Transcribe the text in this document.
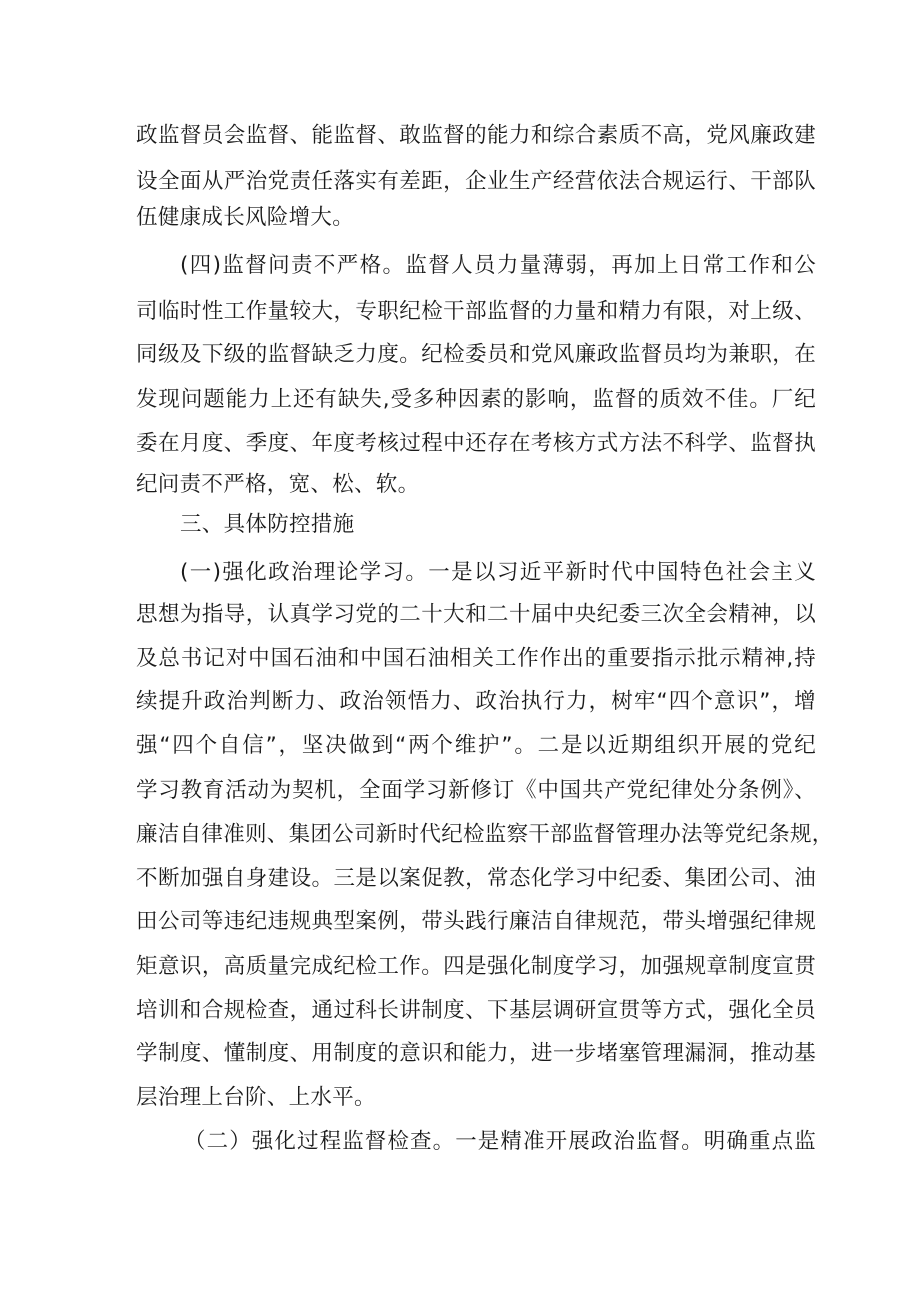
政监督员会监督、能监督、敢监督的能力和综合素质不高，党风廉政建
设全面从严治党责任落实有差距，企业生产经营依法合规运行、干部队
伍健康成长风险增大。
(四)监督问责不严格。监督人员力量薄弱，再加上日常工作和公
司临时性工作量较大，专职纪检干部监督的力量和精力有限，对上级、
同级及下级的监督缺乏力度。纪检委员和党风廉政监督员均为兼职，在
发现问题能力上还有缺失,受多种因素的影响，监督的质效不佳。厂纪
委在月度、季度、年度考核过程中还存在考核方式方法不科学、监督执
纪问责不严格，宽、松、软。
三、具体防控措施
(一)强化政治理论学习。一是以习近平新时代中国特色社会主义
思想为指导，认真学习党的二十大和二十届中央纪委三次全会精神，以
及总书记对中国石油和中国石油相关工作作出的重要指示批示精神,持
续提升政治判断力、政治领悟力、政治执行力，树牢“四个意识”，增
强“四个自信”，坚决做到“两个维护”。二是以近期组织开展的党纪
学习教育活动为契机，全面学习新修订《中国共产党纪律处分条例》、
廉洁自律准则、集团公司新时代纪检监察干部监督管理办法等党纪条规，
不断加强自身建设。三是以案促教，常态化学习中纪委、集团公司、油
田公司等违纪违规典型案例，带头践行廉洁自律规范，带头增强纪律规
矩意识，高质量完成纪检工作。四是强化制度学习，加强规章制度宣贯
培训和合规检查，通过科长讲制度、下基层调研宣贯等方式，强化全员
学制度、懂制度、用制度的意识和能力，进一步堵塞管理漏洞，推动基
层治理上台阶、上水平。
（二）强化过程监督检查。一是精准开展政治监督。明确重点监
